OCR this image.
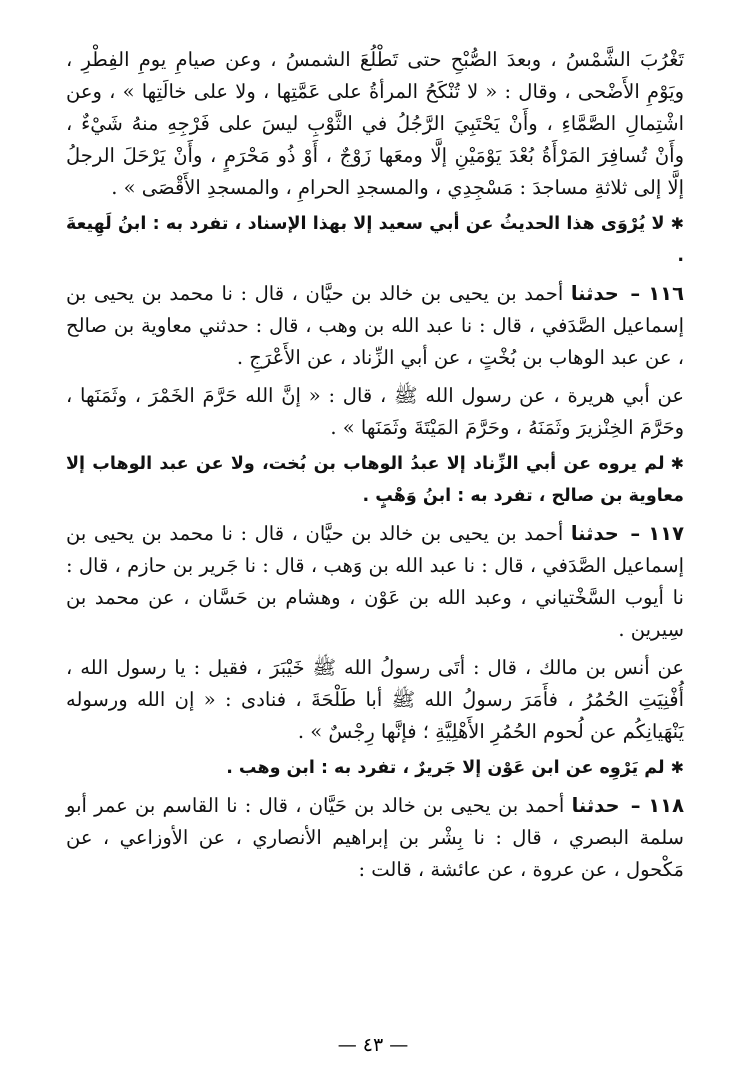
تَغْرُبَ الشَّمْسُ ، وبعدَ الصُّبْحِ حتى تَطْلُعَ الشمسُ ، وعن صيامِ يومِ الفِطْرِ ، ويَوْمِ الأَضْحى ، وقال : « لا تُنْكَحُ المرأةُ على عَمَّتِها ، ولا على خالَتِها » ، وعن اشْتِمالِ الصَّمَّاءِ ، وأَنْ يَحْتَبِيَ الرَّجُلُ في الثَّوْبِ ليسَ على فَرْجِهِ منهُ شَيْءٌ ، وأَنْ تُسافِرَ المَرْأَةُ بُعْدَ يَوْمَيْنِ إلَّا ومعَها زَوْجٌ ، أَوْ ذُو مَحْرَمٍ ، وأَنْ يَرْحَلَ الرجلُ إلَّا إلى ثلاثةِ مساجدَ : مَسْجِدِي ، والمسجدِ الحرامِ ، والمسجدِ الأَقْصَى » .

✱لا يُرْوَى هذا الحديثُ عن أبي سعيد إلا بهذا الإسناد ، تفرد به : ابنُ لَهِيعةَ .

١١٦ – حدثنا أحمد بن يحيى بن خالد بن حيَّان ، قال : نا محمد بن يحيى بن إسماعيل الصَّدَفي ، قال : نا عبد الله بن وهب ، قال : حدثني معاوية بن صالح ، عن عبد الوهاب بن بُخْتٍ ، عن أبي الزِّناد ، عن الأَعْرَجِ .

عن أبي هريرة ، عن رسول الله ﷺ ، قال : « إنَّ الله حَرَّمَ الخَمْرَ ، وثَمَنَها ، وحَرَّمَ الخِنْزيرَ وثَمَنَهُ ، وحَرَّمَ المَيْتَةَ وثَمَنَها » .

✱لم يروه عن أبي الزِّناد إلا عبدُ الوهاب بن بُخت، ولا عن عبد الوهاب إلا معاوية بن صالح ، تفرد به : ابنُ وَهْبٍ .

١١٧ – حدثنا أحمد بن يحيى بن خالد بن حيَّان ، قال : نا محمد بن يحيى بن إسماعيل الصَّدَفي ، قال : نا عبد الله بن وَهب ، قال : نا جَرير بن حازم ، قال : نا أيوب السَّخْتياني ، وعبد الله بن عَوْن ، وهشام بن حَسَّان ، عن محمد بن سِيرين .

عن أنس بن مالك ، قال : أتَى رسولُ الله ﷺ خَيْبَرَ ، فقيل : يا رسول الله ، أُفْنِيَتِ الحُمُرُ ، فأَمَرَ رسولُ الله ﷺ أبا طَلْحَةَ ، فنادى : « إن الله ورسوله يَنْهَيانِكُم عن لُحوم الحُمُرِ الأَهْلِيَّةِ ؛ فإنَّها رِجْسٌ » .

✱لم يَرْوِه عن ابن عَوْن إلا جَريرٌ ، تفرد به : ابن وهب .

١١٨ – حدثنا أحمد بن يحيى بن خالد بن حَيَّان ، قال : نا القاسم بن عمر أبو سلمة البصري ، قال : نا بِشْر بن إبراهيم الأنصاري ، عن الأوزاعي ، عن مَكْحول ، عن عروة ، عن عائشة ، قالت :

— ٤٣ —
